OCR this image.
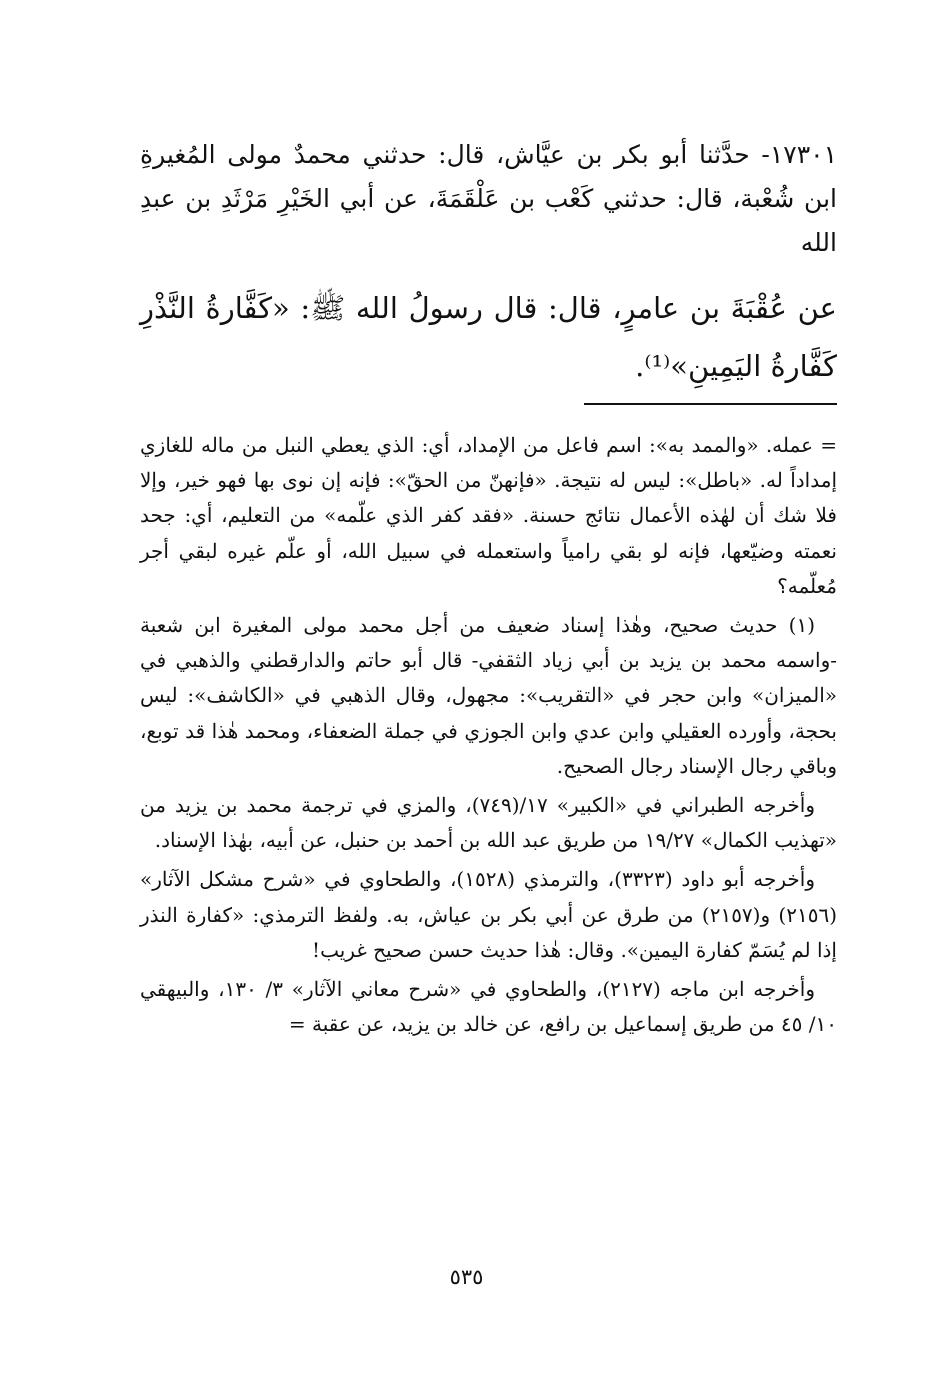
١٧٣٠١- حدَّثنا أبو بكر بن عيَّاش، قال: حدثني محمدٌ مولى المُغيرةِ ابن شُعْبة، قال: حدثني كَعْب بن عَلْقَمَةَ، عن أبي الخَيْرِ مَرْثَدِ بن عبدِ الله
عن عُقْبَةَ بن عامرٍ، قال: قال رسولُ الله ﷺ: «كَفَّارةُ النَّذْرِ كَفَّارةُ اليَمِينِ»⁽¹⁾.

= عمله. «والممد به»: اسم فاعل من الإمداد، أي: الذي يعطي النبل من ماله للغازي إمداداً له. «باطل»: ليس له نتيجة. «فإنهنّ من الحقّ»: فإنه إن نوى بها فهو خير، وإلا فلا شك أن لهٰذه الأعمال نتائج حسنة. «فقد كفر الذي علّمه» من التعليم، أي: جحد نعمته وضيّعها، فإنه لو بقي رامياً واستعمله في سبيل الله، أو علّم غيره لبقي أجر مُعلّمه؟

(١) حديث صحيح، وهٰذا إسناد ضعيف من أجل محمد مولى المغيرة ابن شعبة -واسمه محمد بن يزيد بن أبي زياد الثقفي- قال أبو حاتم والدارقطني والذهبي في «الميزان» وابن حجر في «التقريب»: مجهول، وقال الذهبي في «الكاشف»: ليس بحجة، وأورده العقيلي وابن عدي وابن الجوزي في جملة الضعفاء، ومحمد هٰذا قد توبع، وباقي رجال الإسناد رجال الصحيح.

وأخرجه الطبراني في «الكبير» ١٧/(٧٤٩)، والمزي في ترجمة محمد بن يزيد من «تهذيب الكمال» ١٩/٢٧ من طريق عبد الله بن أحمد بن حنبل، عن أبيه، بهٰذا الإسناد.

وأخرجه أبو داود (٣٣٢٣)، والترمذي (١٥٢٨)، والطحاوي في «شرح مشكل الآثار» (٢١٥٦) و(٢١٥٧) من طرق عن أبي بكر بن عياش، به. ولفظ الترمذي: «كفارة النذر إذا لم يُسَمّ كفارة اليمين». وقال: هٰذا حديث حسن صحيح غريب!

وأخرجه ابن ماجه (٢١٢٧)، والطحاوي في «شرح معاني الآثار» ٣/ ١٣٠، والبيهقي ١٠/ ٤٥ من طريق إسماعيل بن رافع، عن خالد بن يزيد، عن عقبة =

٥٣٥
